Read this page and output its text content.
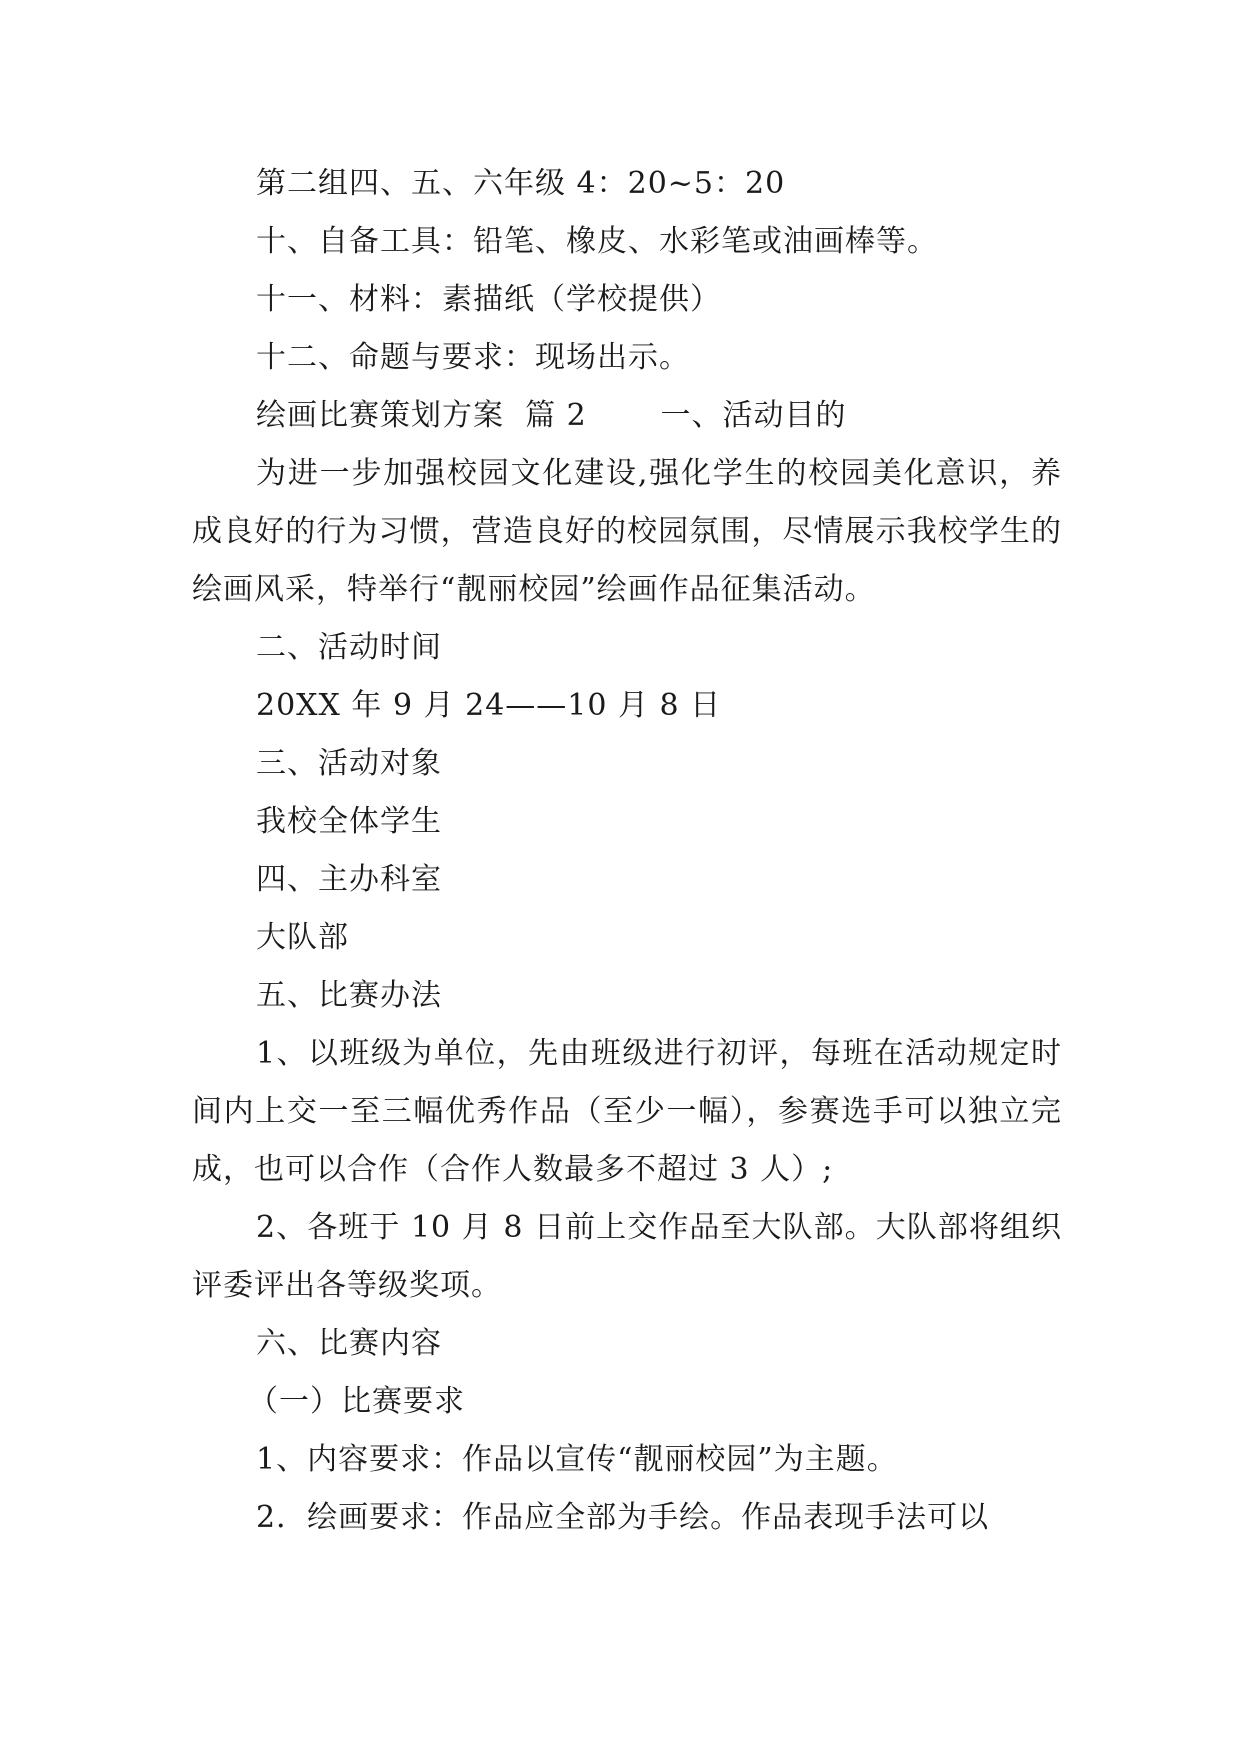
第二组四、五、六年级 4：20~5：20
十、自备工具：铅笔、橡皮、水彩笔或油画棒等。
十一、材料：素描纸（学校提供）
十二、命题与要求：现场出示。
绘画比赛策划方案  篇 2       一、活动目的
为进一步加强校园文化建设,强化学生的校园美化意识，养成良好的行为习惯，营造良好的校园氛围，尽情展示我校学生的绘画风采，特举行“靓丽校园”绘画作品征集活动。
二、活动时间
20XX 年 9 月 24——10 月 8 日
三、活动对象
我校全体学生
四、主办科室
大队部
五、比赛办法
1、以班级为单位，先由班级进行初评，每班在活动规定时间内上交一至三幅优秀作品（至少一幅），参赛选手可以独立完成，也可以合作（合作人数最多不超过 3 人）;
2、各班于 10 月 8 日前上交作品至大队部。大队部将组织评委评出各等级奖项。
六、比赛内容
（一）比赛要求
1、内容要求：作品以宣传“靓丽校园”为主题。
2．绘画要求：作品应全部为手绘。作品表现手法可以
